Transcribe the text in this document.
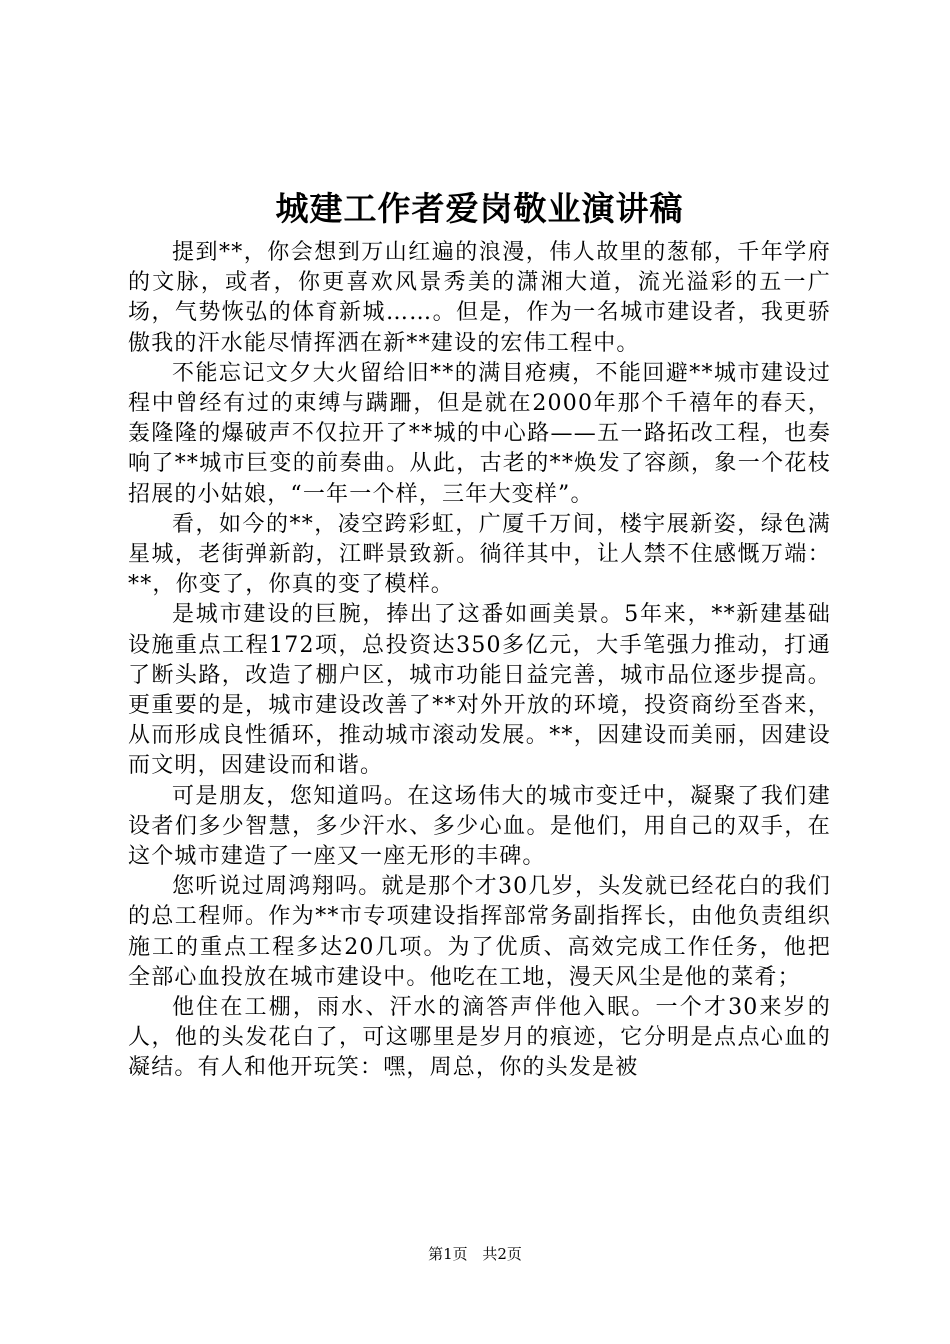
城建工作者爱岗敬业演讲稿

提到**，你会想到万山红遍的浪漫，伟人故里的葱郁，千年学府的文脉，或者，你更喜欢风景秀美的潇湘大道，流光溢彩的五一广场，气势恢弘的体育新城……。但是，作为一名城市建设者，我更骄傲我的汗水能尽情挥洒在新**建设的宏伟工程中。

不能忘记文夕大火留给旧**的满目疮痍，不能回避**城市建设过程中曾经有过的束缚与蹒跚，但是就在2000年那个千禧年的春天，轰隆隆的爆破声不仅拉开了**城的中心路——五一路拓改工程，也奏响了**城市巨变的前奏曲。从此，古老的**焕发了容颜，象一个花枝招展的小姑娘，“一年一个样，三年大变样”。

看，如今的**，凌空跨彩虹，广厦千万间，楼宇展新姿，绿色满星城，老街弹新韵，江畔景致新。徜徉其中，让人禁不住感慨万端：**，你变了，你真的变了模样。

是城市建设的巨腕，捧出了这番如画美景。5年来，**新建基础设施重点工程172项，总投资达350多亿元，大手笔强力推动，打通了断头路，改造了棚户区，城市功能日益完善，城市品位逐步提高。更重要的是，城市建设改善了**对外开放的环境，投资商纷至沓来，从而形成良性循环，推动城市滚动发展。**，因建设而美丽，因建设而文明，因建设而和谐。

可是朋友，您知道吗。在这场伟大的城市变迁中，凝聚了我们建设者们多少智慧，多少汗水、多少心血。是他们，用自己的双手，在这个城市建造了一座又一座无形的丰碑。

您听说过周鸿翔吗。就是那个才30几岁，头发就已经花白的我们的总工程师。作为**市专项建设指挥部常务副指挥长，由他负责组织施工的重点工程多达20几项。为了优质、高效完成工作任务，他把全部心血投放在城市建设中。他吃在工地，漫天风尘是他的菜肴；

他住在工棚，雨水、汗水的滴答声伴他入眠。一个才30来岁的人，他的头发花白了，可这哪里是岁月的痕迹，它分明是点点心血的凝结。有人和他开玩笑：嘿，周总，你的头发是被

第1页 共2页
